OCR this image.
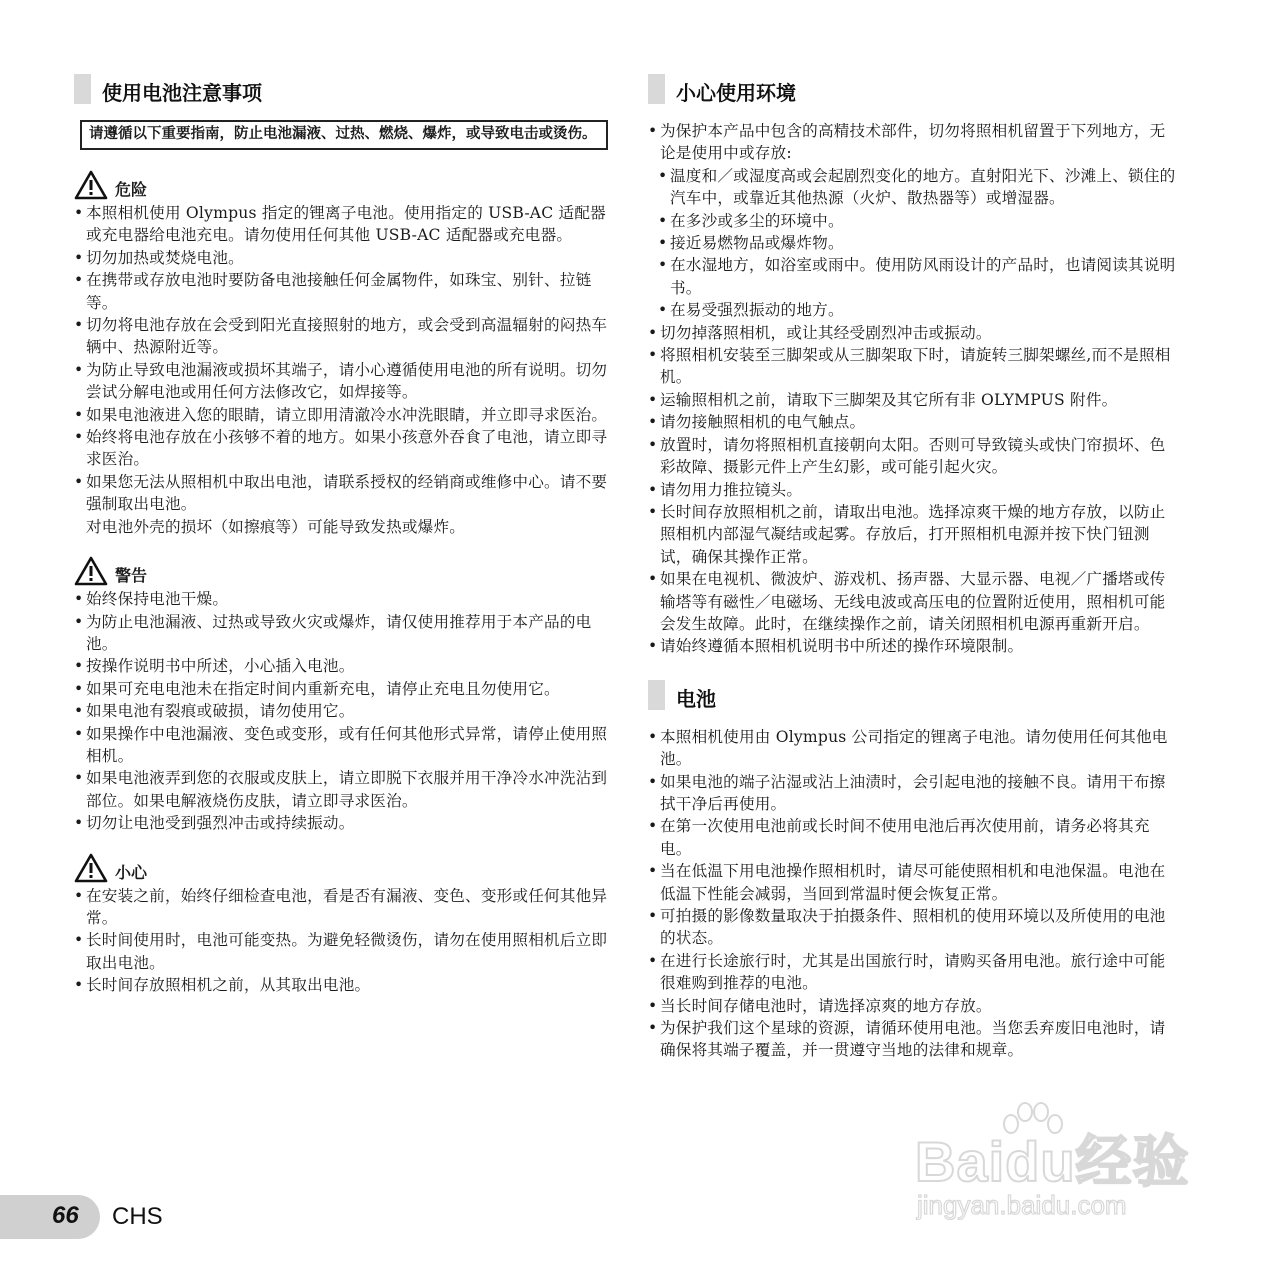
使用电池注意事项
请遵循以下重要指南，防止电池漏液、过热、燃烧、爆炸，或导致电击或烫伤。
危险
• 本照相机使用 Olympus 指定的锂离子电池。使用指定的 USB-AC 适配器或充电器给电池充电。请勿使用任何其他 USB-AC 适配器或充电器。
• 切勿加热或焚烧电池。
• 在携带或存放电池时要防备电池接触任何金属物件，如珠宝、别针、拉链等。
• 切勿将电池存放在会受到阳光直接照射的地方，或会受到高温辐射的闷热车辆中、热源附近等。
• 为防止导致电池漏液或损坏其端子，请小心遵循使用电池的所有说明。切勿尝试分解电池或用任何方法修改它，如焊接等。
• 如果电池液进入您的眼睛，请立即用清澈冷水冲洗眼睛，并立即寻求医治。
• 始终将电池存放在小孩够不着的地方。如果小孩意外吞食了电池，请立即寻求医治。
• 如果您无法从照相机中取出电池，请联系授权的经销商或维修中心。请不要强制取出电池。
对电池外壳的损坏（如擦痕等）可能导致发热或爆炸。
警告
• 始终保持电池干燥。
• 为防止电池漏液、过热或导致火灾或爆炸，请仅使用推荐用于本产品的电池。
• 按操作说明书中所述，小心插入电池。
• 如果可充电电池未在指定时间内重新充电，请停止充电且勿使用它。
• 如果电池有裂痕或破损，请勿使用它。
• 如果操作中电池漏液、变色或变形，或有任何其他形式异常，请停止使用照相机。
• 如果电池液弄到您的衣服或皮肤上，请立即脱下衣服并用干净冷水冲洗沾到部位。如果电解液烧伤皮肤，请立即寻求医治。
• 切勿让电池受到强烈冲击或持续振动。
小心
• 在安装之前，始终仔细检查电池，看是否有漏液、变色、变形或任何其他异常。
• 长时间使用时，电池可能变热。为避免轻微烫伤，请勿在使用照相机后立即取出电池。
• 长时间存放照相机之前，从其取出电池。
小心使用环境
• 为保护本产品中包含的高精技术部件，切勿将照相机留置于下列地方，无论是使用中或存放:
• 温度和／或湿度高或会起剧烈变化的地方。直射阳光下、沙滩上、锁住的汽车中，或靠近其他热源（火炉、散热器等）或增湿器。
• 在多沙或多尘的环境中。
• 接近易燃物品或爆炸物。
• 在水湿地方，如浴室或雨中。使用防风雨设计的产品时，也请阅读其说明书。
• 在易受强烈振动的地方。
• 切勿掉落照相机，或让其经受剧烈冲击或振动。
• 将照相机安装至三脚架或从三脚架取下时，请旋转三脚架螺丝,而不是照相机。
• 运输照相机之前，请取下三脚架及其它所有非 OLYMPUS 附件。
• 请勿接触照相机的电气触点。
• 放置时，请勿将照相机直接朝向太阳。否则可导致镜头或快门帘损坏、色彩故障、摄影元件上产生幻影，或可能引起火灾。
• 请勿用力推拉镜头。
• 长时间存放照相机之前，请取出电池。选择凉爽干燥的地方存放，以防止照相机内部湿气凝结或起雾。存放后，打开照相机电源并按下快门钮测试，确保其操作正常。
• 如果在电视机、微波炉、游戏机、扬声器、大显示器、电视／广播塔或传输塔等有磁性／电磁场、无线电波或高压电的位置附近使用，照相机可能会发生故障。此时，在继续操作之前，请关闭照相机电源再重新开启。
• 请始终遵循本照相机说明书中所述的操作环境限制。
电池
• 本照相机使用由 Olympus 公司指定的锂离子电池。请勿使用任何其他电池。
• 如果电池的端子沾湿或沾上油渍时，会引起电池的接触不良。请用干布擦拭干净后再使用。
• 在第一次使用电池前或长时间不使用电池后再次使用前，请务必将其充电。
• 当在低温下用电池操作照相机时，请尽可能使照相机和电池保温。电池在低温下性能会减弱，当回到常温时便会恢复正常。
• 可拍摄的影像数量取决于拍摄条件、照相机的使用环境以及所使用的电池的状态。
• 在进行长途旅行时，尤其是出国旅行时，请购买备用电池。旅行途中可能很难购到推荐的电池。
• 当长时间存储电池时，请选择凉爽的地方存放。
• 为保护我们这个星球的资源，请循环使用电池。当您丢弃废旧电池时，请确保将其端子覆盖，并一贯遵守当地的法律和规章。
66 CHS
Baidu经验
jingyan.baidu.com
